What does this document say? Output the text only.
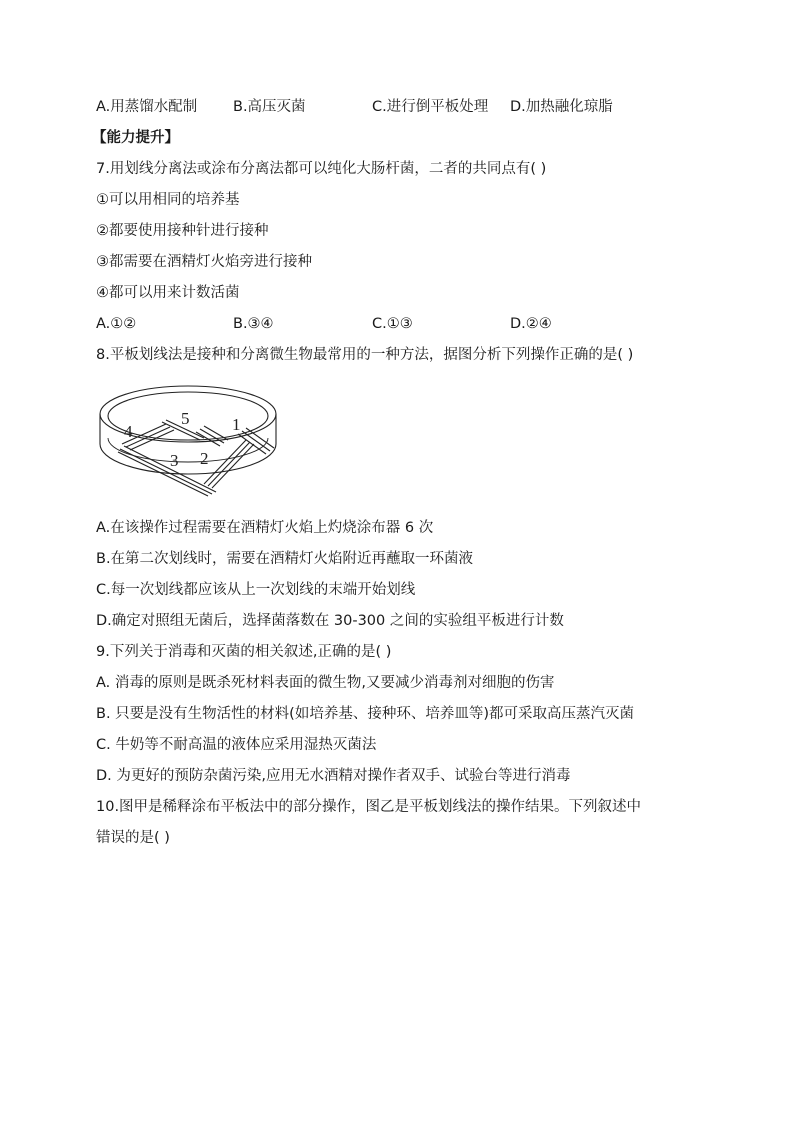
A.用蒸馏水配制 B.高压灭菌	C.进行倒平板处理 D.加热融化琼脂
【能力提升】
7.用划线分离法或涂布分离法都可以纯化大肠杆菌，二者的共同点有( )
①可以用相同的培养基
②都要使用接种针进行接种
③都需要在酒精灯火焰旁进行接种
④都可以用来计数活菌
A.①②	B.③④	C.①③	D.②④
8.平板划线法是接种和分离微生物最常用的一种方法，据图分析下列操作正确的是( )
5	1
2
3
4
A.在该操作过程需要在酒精灯火焰上灼烧涂布器 6 次
B.在第二次划线时，需要在酒精灯火焰附近再蘸取一环菌液
C.每一次划线都应该从上一次划线的末端开始划线
D.确定对照组无菌后，选择菌落数在 30-300 之间的实验组平板进行计数
9.下列关于消毒和灭菌的相关叙述,正确的是( )
A. 消毒的原则是既杀死材料表面的微生物,又要减少消毒剂对细胞的伤害
B. 只要是没有生物活性的材料(如培养基、接种环、培养皿等)都可采取高压蒸汽灭菌
C. 牛奶等不耐高温的液体应采用湿热灭菌法
D. 为更好的预防杂菌污染,应用无水酒精对操作者双手、试验台等进行消毒
10.图甲是稀释涂布平板法中的部分操作，图乙是平板划线法的操作结果。下列叙述中
错误的是( )
